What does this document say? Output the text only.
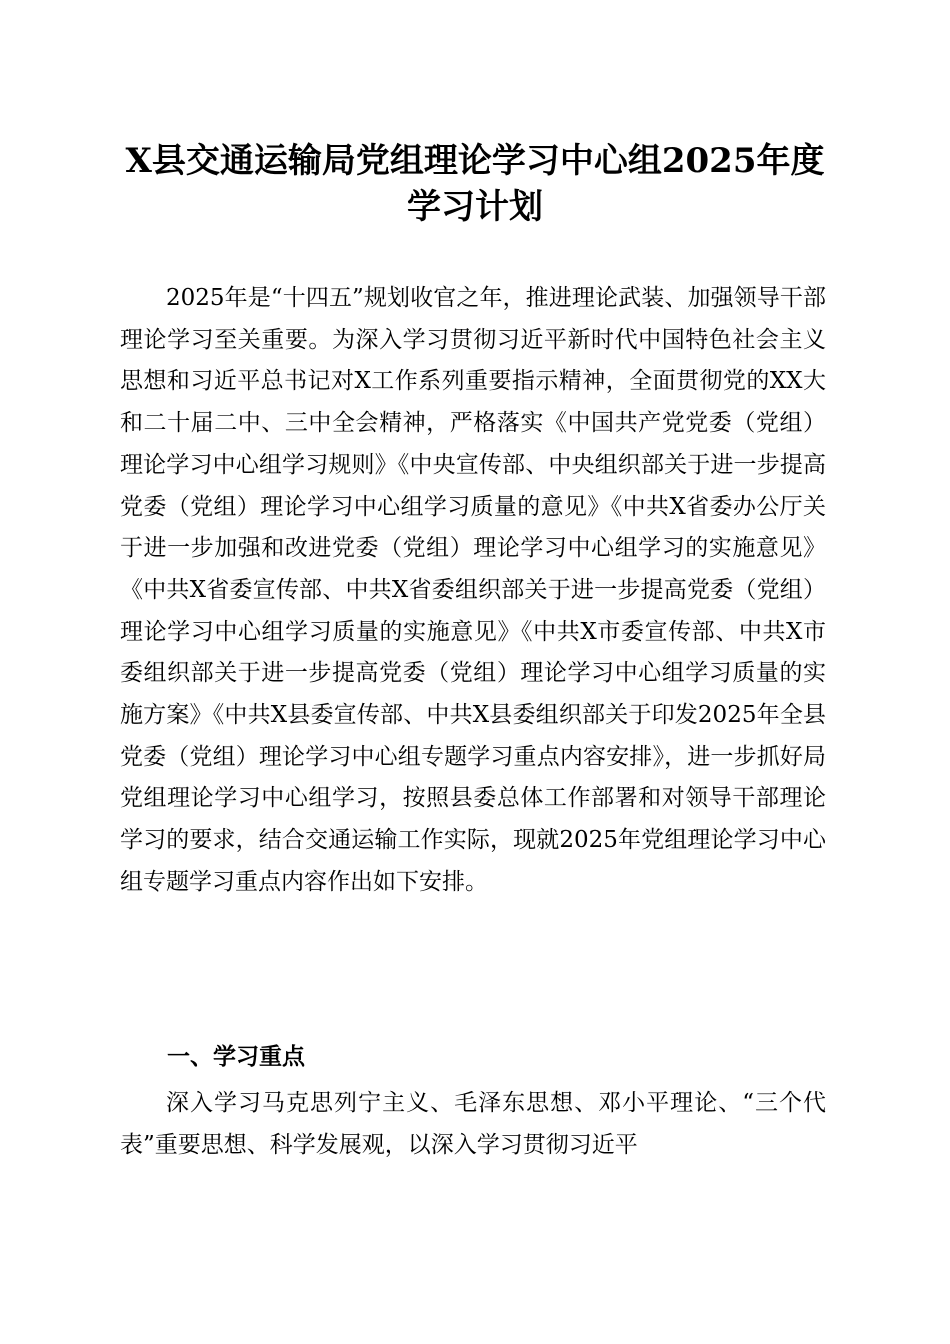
X县交通运输局党组理论学习中心组2025年度学习计划

2025年是“十四五”规划收官之年，推进理论武装、加强领导干部理论学习至关重要。为深入学习贯彻习近平新时代中国特色社会主义思想和习近平总书记对X工作系列重要指示精神，全面贯彻党的XX大和二十届二中、三中全会精神，严格落实《中国共产党党委（党组）理论学习中心组学习规则》《中央宣传部、中央组织部关于进一步提高党委（党组）理论学习中心组学习质量的意见》《中共X省委办公厅关于进一步加强和改进党委（党组）理论学习中心组学习的实施意见》《中共X省委宣传部、中共X省委组织部关于进一步提高党委（党组）理论学习中心组学习质量的实施意见》《中共X市委宣传部、中共X市委组织部关于进一步提高党委（党组）理论学习中心组学习质量的实施方案》《中共X县委宣传部、中共X县委组织部关于印发2025年全县党委（党组）理论学习中心组专题学习重点内容安排》，进一步抓好局党组理论学习中心组学习，按照县委总体工作部署和对领导干部理论学习的要求，结合交通运输工作实际，现就2025年党组理论学习中心组专题学习重点内容作出如下安排。

一、学习重点

深入学习马克思列宁主义、毛泽东思想、邓小平理论、“三个代表”重要思想、科学发展观，以深入学习贯彻习近平
